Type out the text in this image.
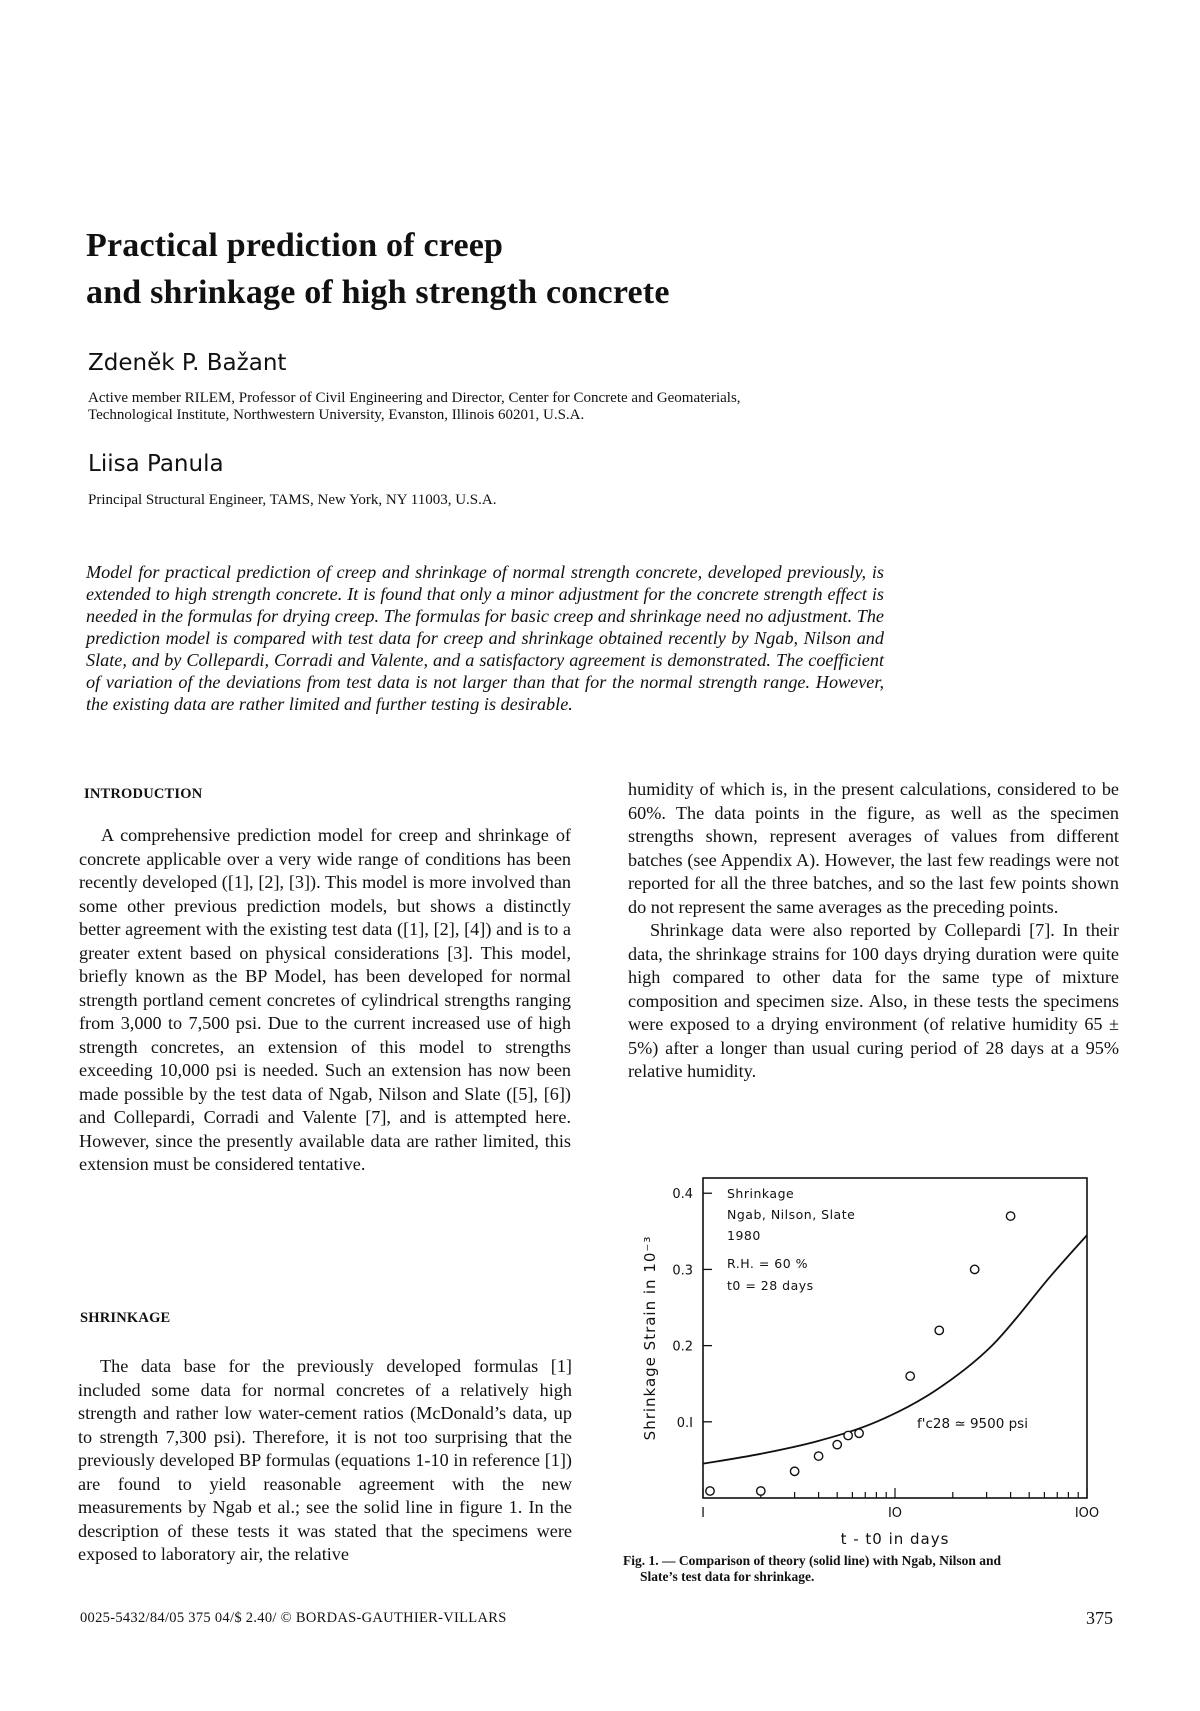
Practical prediction of creep
and shrinkage of high strength concrete
Zdeněk P. Bažant
Active member RILEM, Professor of Civil Engineering and Director, Center for Concrete and Geomaterials,
Technological Institute, Northwestern University, Evanston, Illinois 60201, U.S.A.
Liisa Panula
Principal Structural Engineer, TAMS, New York, NY 11003, U.S.A.
Model for practical prediction of creep and shrinkage of normal strength concrete, developed previously, is extended to high strength concrete. It is found that only a minor adjustment for the concrete strength effect is needed in the formulas for drying creep. The formulas for basic creep and shrinkage need no adjustment. The prediction model is compared with test data for creep and shrinkage obtained recently by Ngab, Nilson and Slate, and by Collepardi, Corradi and Valente, and a satisfactory agreement is demonstrated. The coefficient of variation of the deviations from test data is not larger than that for the normal strength range. However, the existing data are rather limited and further testing is desirable.
INTRODUCTION

A comprehensive prediction model for creep and shrinkage of concrete applicable over a very wide range of conditions has been recently developed ([1], [2], [3]). This model is more involved than some other previous prediction models, but shows a distinctly better agreement with the existing test data ([1], [2], [4]) and is to a greater extent based on physical considerations [3]. This model, briefly known as the BP Model, has been developed for normal strength portland cement concretes of cylindrical strengths ranging from 3,000 to 7,500 psi. Due to the current increased use of high strength concretes, an extension of this model to strengths exceeding 10,000 psi is needed. Such an extension has now been made possible by the test data of Ngab, Nilson and Slate ([5], [6]) and Collepardi, Corradi and Valente [7], and is attempted here. However, since the presently available data are rather limited, this extension must be considered tentative.

SHRINKAGE

The data base for the previously developed formulas [1] included some data for normal concretes of a relatively high strength and rather low water-cement ratios (McDonald’s data, up to strength 7,300 psi). Therefore, it is not too surprising that the previously developed BP formulas (equations 1-10 in reference [1]) are found to yield reasonable agreement with the new measurements by Ngab et al.; see the solid line in figure 1. In the description of these tests it was stated that the specimens were exposed to laboratory air, the relative

humidity of which is, in the present calculations, considered to be 60%. The data points in the figure, as well as the specimen strengths shown, represent averages of values from different batches (see Appendix A). However, the last few readings were not reported for all the three batches, and so the last few points shown do not represent the same averages as the preceding points.

Shrinkage data were also reported by Collepardi [7]. In their data, the shrinkage strains for 100 days drying duration were quite high compared to other data for the same type of mixture composition and specimen size. Also, in these tests the specimens were exposed to a drying environment (of relative humidity 65 ± 5%) after a longer than usual curing period of 28 days at a 95% relative humidity.

0.I
0.2
0.3
0.4
I	IO	IOO
t - t0 in days
Shrinkage Strain in 10⁻³
Shrinkage
Ngab, Nilson, Slate
1980
R.H. = 60 %
t0 = 28 days
f'c28 ≃ 9500 psi
Fig. 1. — Comparison of theory (solid line) with Ngab, Nilson and
Slate’s test data for shrinkage.
0025-5432/84/05 375 04/$ 2.40/ © BORDAS-GAUTHIER-VILLARS	375
